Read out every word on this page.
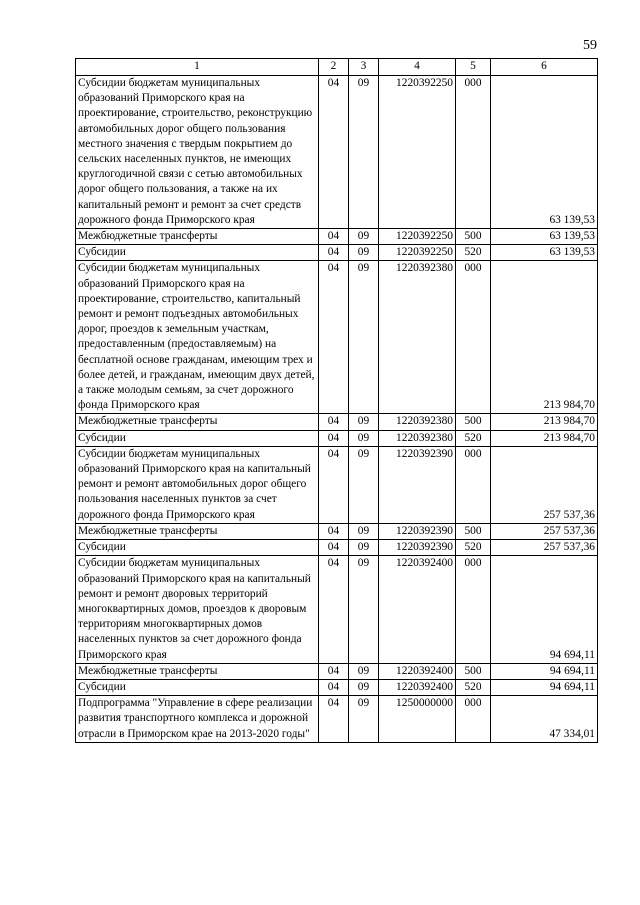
59
1	2	3	4	5	6
Субсидии бюджетам муниципальных образований Приморского края на проектирование, строительство, реконструкцию автомобильных дорог общего пользования местного значения с твердым покрытием до сельских населенных пунктов, не имеющих круглогодичной связи с сетью автомобильных дорог общего пользования, а также на их капитальный ремонт и ремонт за счет средств дорожного фонда Приморского края	04	09	1220392250	000	63 139,53
Межбюджетные трансферты	04	09	1220392250	500	63 139,53
Субсидии	04	09	1220392250	520	63 139,53
Субсидии бюджетам муниципальных образований Приморского края на проектирование, строительство, капитальный ремонт и ремонт подъездных автомобильных дорог, проездов к земельным участкам, предоставленным (предоставляемым) на бесплатной основе гражданам, имеющим трех и более детей, и гражданам, имеющим двух детей, а также молодым семьям, за счет дорожного фонда Приморского края	04	09	1220392380	000	213 984,70
Межбюджетные трансферты	04	09	1220392380	500	213 984,70
Субсидии	04	09	1220392380	520	213 984,70
Субсидии бюджетам муниципальных образований Приморского края на капитальный ремонт и ремонт автомобильных дорог общего пользования населенных пунктов за счет дорожного фонда Приморского края	04	09	1220392390	000	257 537,36
Межбюджетные трансферты	04	09	1220392390	500	257 537,36
Субсидии	04	09	1220392390	520	257 537,36
Субсидии бюджетам муниципальных образований Приморского края на капитальный ремонт и ремонт дворовых территорий многоквартирных домов, проездов к дворовым территориям многоквартирных домов населенных пунктов за счет дорожного фонда Приморского края	04	09	1220392400	000	94 694,11
Межбюджетные трансферты	04	09	1220392400	500	94 694,11
Субсидии	04	09	1220392400	520	94 694,11
Подпрограмма "Управление в сфере реализации развития транспортного комплекса и дорожной отрасли в Приморском крае на 2013-2020 годы"	04	09	1250000000	000	47 334,01
